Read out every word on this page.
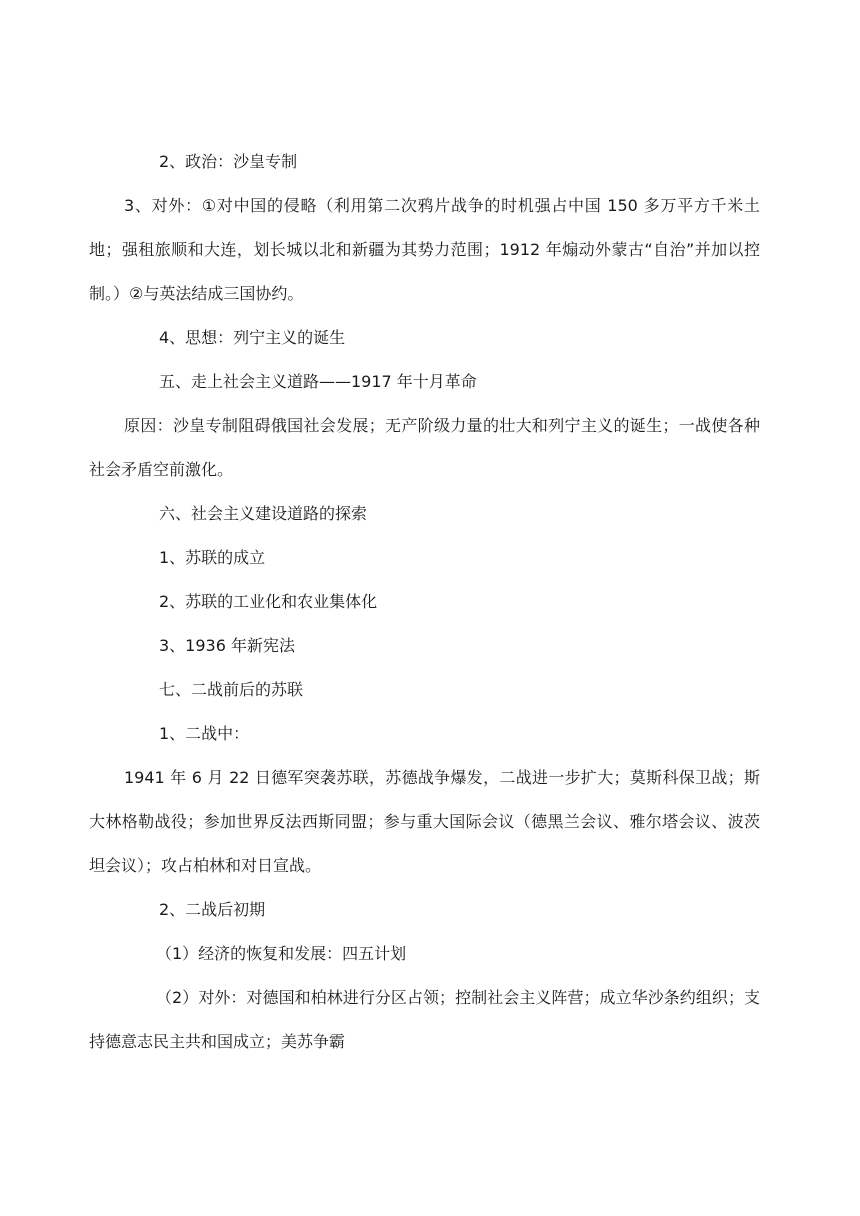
2、政治：沙皇专制

3、对外：①对中国的侵略（利用第二次鸦片战争的时机强占中国 150 多万平方千米土地；强租旅顺和大连，划长城以北和新疆为其势力范围；1912 年煽动外蒙古“自治”并加以控制。）②与英法结成三国协约。

4、思想：列宁主义的诞生

五、走上社会主义道路——1917 年十月革命

原因：沙皇专制阻碍俄国社会发展；无产阶级力量的壮大和列宁主义的诞生；一战使各种社会矛盾空前激化。

六、社会主义建设道路的探索

1、苏联的成立

2、苏联的工业化和农业集体化

3、1936 年新宪法

七、二战前后的苏联

1、二战中：

1941 年 6 月 22 日德军突袭苏联，苏德战争爆发，二战进一步扩大；莫斯科保卫战；斯大林格勒战役；参加世界反法西斯同盟；参与重大国际会议（德黑兰会议、雅尔塔会议、波茨坦会议）；攻占柏林和对日宣战。

2、二战后初期

（1）经济的恢复和发展：四五计划

（2）对外：对德国和柏林进行分区占领；控制社会主义阵营；成立华沙条约组织；支持德意志民主共和国成立；美苏争霸
